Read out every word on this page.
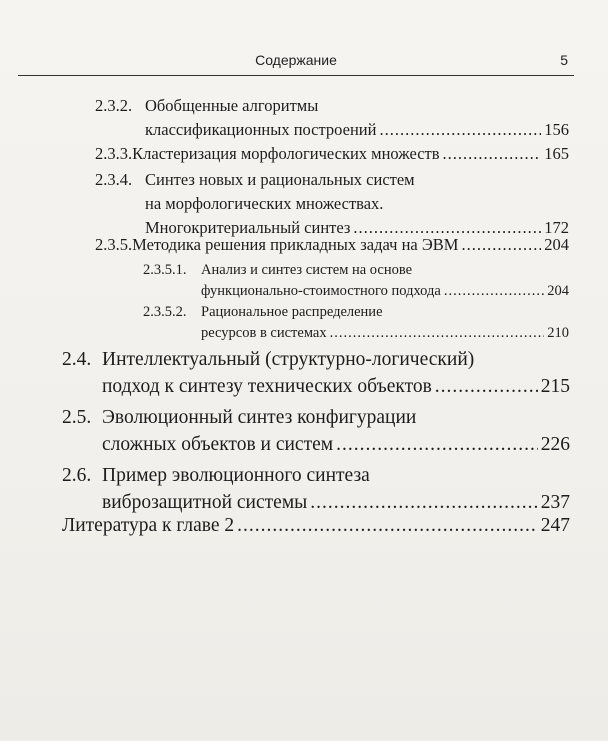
Содержание	5
2.3.2. Обобщенные алгоритмы
классификационных построений .....	156
2.3.3. Кластеризация морфологических множеств .....	165
2.3.4. Синтез новых и рациональных систем
на морфологических множествах.
Многокритериальный синтез .....	172
2.3.5. Методика решения прикладных задач на ЭВМ .....	204
2.3.5.1.	Анализ и синтез систем на основе
функционально-стоимостного подхода .....	204
2.3.5.2.	Рациональное распределение
ресурсов в системах .....	210
2.4. Интеллектуальный (структурно-логический)
подход к синтезу технических объектов .....	215
2.5. Эволюционный синтез конфигурации
сложных объектов и систем .....	226
2.6. Пример эволюционного синтеза
виброзащитной системы .....	237
Литература к главе 2 .....	247
